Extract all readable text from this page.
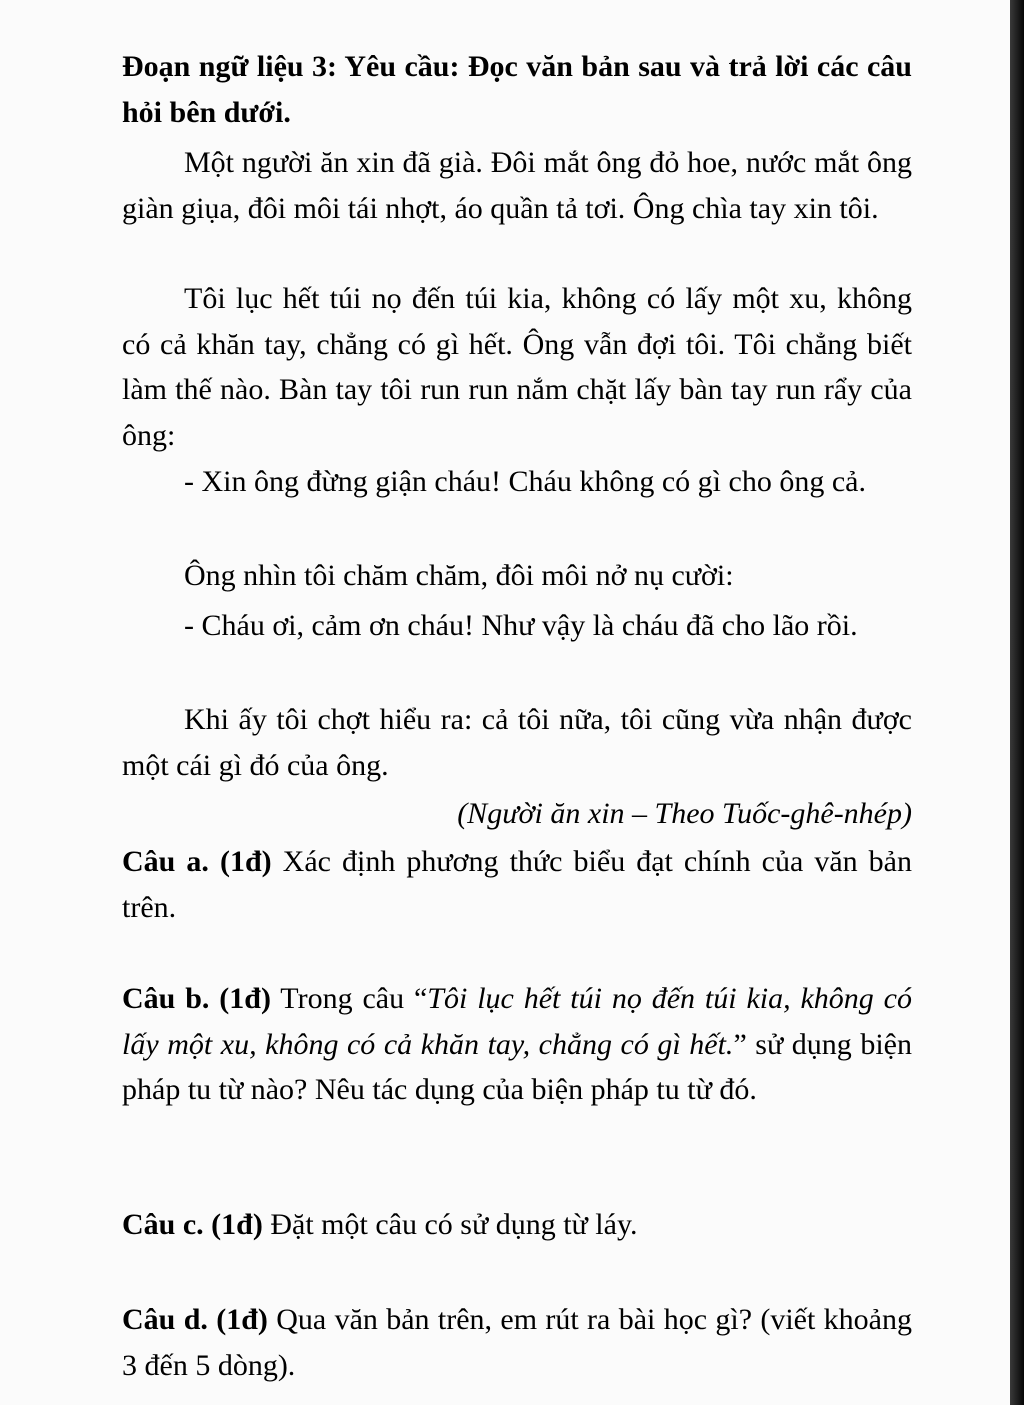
Đoạn ngữ liệu 3: Yêu cầu: Đọc văn bản sau và trả lời các câu hỏi bên dưới.

Một người ăn xin đã già. Đôi mắt ông đỏ hoe, nước mắt ông giàn giụa, đôi môi tái nhợt, áo quần tả tơi. Ông chìa tay xin tôi.

Tôi lục hết túi nọ đến túi kia, không có lấy một xu, không có cả khăn tay, chẳng có gì hết. Ông vẫn đợi tôi. Tôi chẳng biết làm thế nào. Bàn tay tôi run run nắm chặt lấy bàn tay run rẩy của ông:

- Xin ông đừng giận cháu! Cháu không có gì cho ông cả.

Ông nhìn tôi chăm chăm, đôi môi nở nụ cười:

- Cháu ơi, cảm ơn cháu! Như vậy là cháu đã cho lão rồi.

Khi ấy tôi chợt hiểu ra: cả tôi nữa, tôi cũng vừa nhận được một cái gì đó của ông.

(Người ăn xin – Theo Tuốc-ghê-nhép)

Câu a. (1đ) Xác định phương thức biểu đạt chính của văn bản trên.

Câu b. (1đ) Trong câu “Tôi lục hết túi nọ đến túi kia, không có lấy một xu, không có cả khăn tay, chẳng có gì hết.” sử dụng biện pháp tu từ nào? Nêu tác dụng của biện pháp tu từ đó.

Câu c. (1đ) Đặt một câu có sử dụng từ láy.

Câu d. (1đ) Qua văn bản trên, em rút ra bài học gì? (viết khoảng 3 đến 5 dòng).
